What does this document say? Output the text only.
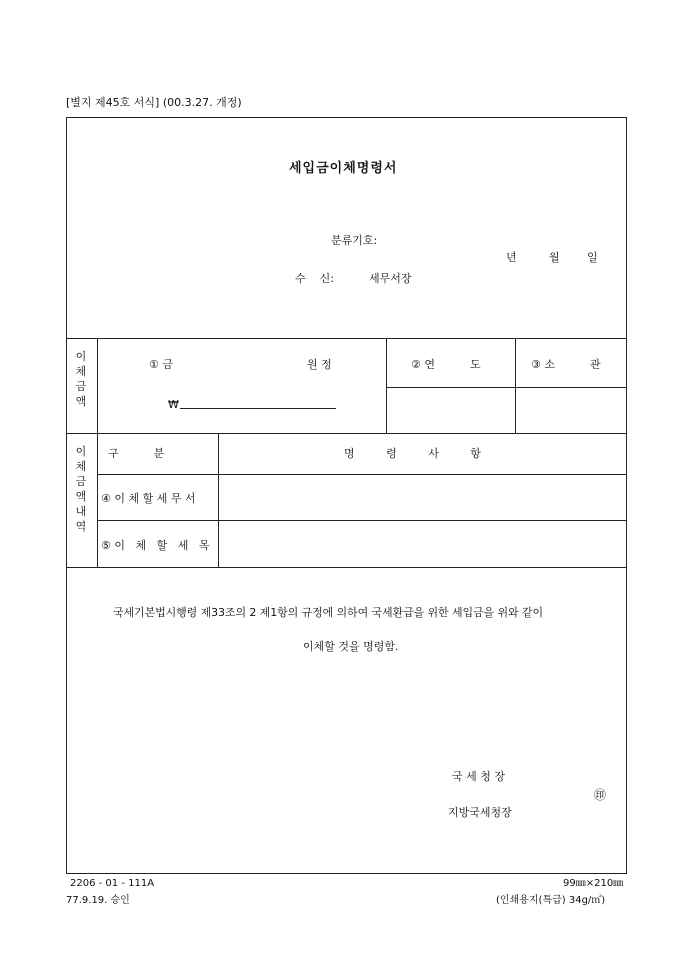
[별지 제45호 서식] (00.3.27. 개정)
세입금이체명령서
분류기호:
년	월 일
수    신:	세무서장
이
체
금
액
① 금	원 정	② 연          도	③ 소          관
₩
이
체
금
액
내
역
구          분	명         령         사         항
④ 이 체 할 세 무 서
⑤ 이   체   할   세   목
국세기본법시행령 제33조의 2 제1항의 규정에 의하여 국세환급을 위한 세입금을 위와 같이
이체할 것을 명령함.
국 세 청 장
㊞
지방국세청장
2206 - 01 - 111A
77.9.19. 승인
99㎜×210㎜
(인쇄용지(특급) 34g/㎡)
